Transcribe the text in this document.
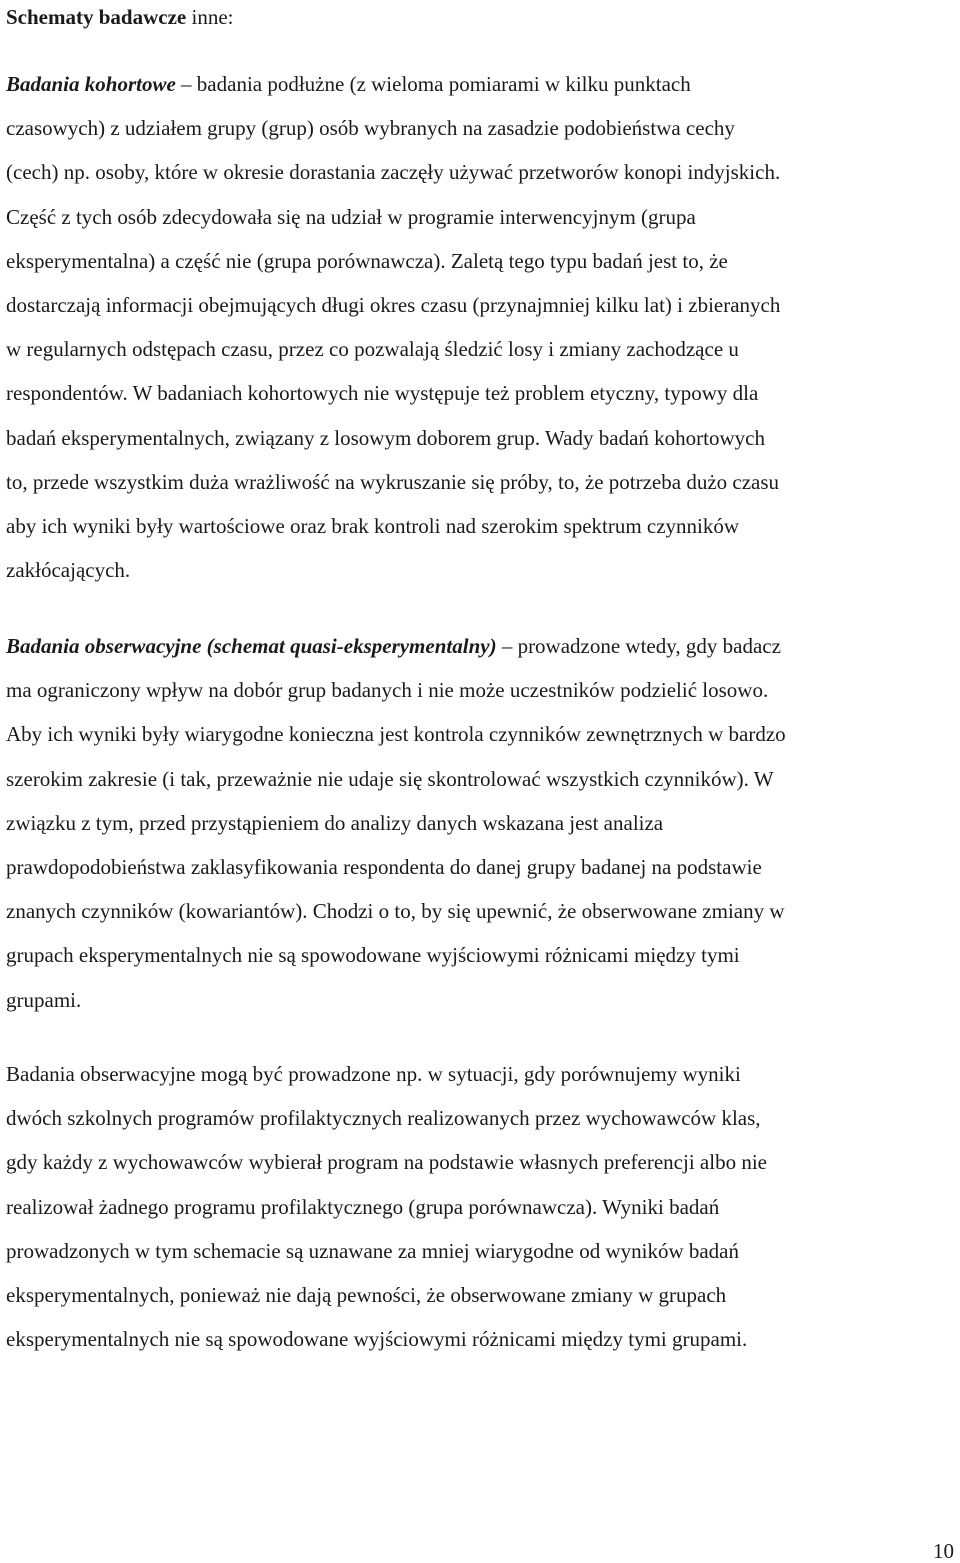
Schematy badawcze inne:
Badania kohortowe – badania podłużne (z wieloma pomiarami w kilku punktach
czasowych) z udziałem grupy (grup) osób wybranych na zasadzie podobieństwa cechy
(cech) np. osoby, które w okresie dorastania zaczęły używać przetworów konopi indyjskich.
Część z tych osób zdecydowała się na udział w programie interwencyjnym (grupa
eksperymentalna) a część nie (grupa porównawcza). Zaletą tego typu badań jest to, że
dostarczają informacji obejmujących długi okres czasu (przynajmniej kilku lat) i zbieranych
w regularnych odstępach czasu, przez co pozwalają śledzić losy i zmiany zachodzące u
respondentów. W badaniach kohortowych nie występuje też problem etyczny, typowy dla
badań eksperymentalnych, związany z losowym doborem grup. Wady badań kohortowych
to, przede wszystkim duża wrażliwość na wykruszanie się próby, to, że potrzeba dużo czasu
aby ich wyniki były wartościowe oraz brak kontroli nad szerokim spektrum czynników
zakłócających.
Badania obserwacyjne (schemat quasi-eksperymentalny) – prowadzone wtedy, gdy badacz
ma ograniczony wpływ na dobór grup badanych i nie może uczestników podzielić losowo.
Aby ich wyniki były wiarygodne konieczna jest kontrola czynników zewnętrznych w bardzo
szerokim zakresie (i tak, przeważnie nie udaje się skontrolować wszystkich czynników). W
związku z tym, przed przystąpieniem do analizy danych wskazana jest analiza
prawdopodobieństwa zaklasyfikowania respondenta do danej grupy badanej na podstawie
znanych czynników (kowariantów). Chodzi o to, by się upewnić, że obserwowane zmiany w
grupach eksperymentalnych nie są spowodowane wyjściowymi różnicami między tymi
grupami.
Badania obserwacyjne mogą być prowadzone np. w sytuacji, gdy porównujemy wyniki
dwóch szkolnych programów profilaktycznych realizowanych przez wychowawców klas,
gdy każdy z wychowawców wybierał program na podstawie własnych preferencji albo nie
realizował żadnego programu profilaktycznego (grupa porównawcza). Wyniki badań
prowadzonych w tym schemacie są uznawane za mniej wiarygodne od wyników badań
eksperymentalnych, ponieważ nie dają pewności, że obserwowane zmiany w grupach
eksperymentalnych nie są spowodowane wyjściowymi różnicami między tymi grupami.
10
